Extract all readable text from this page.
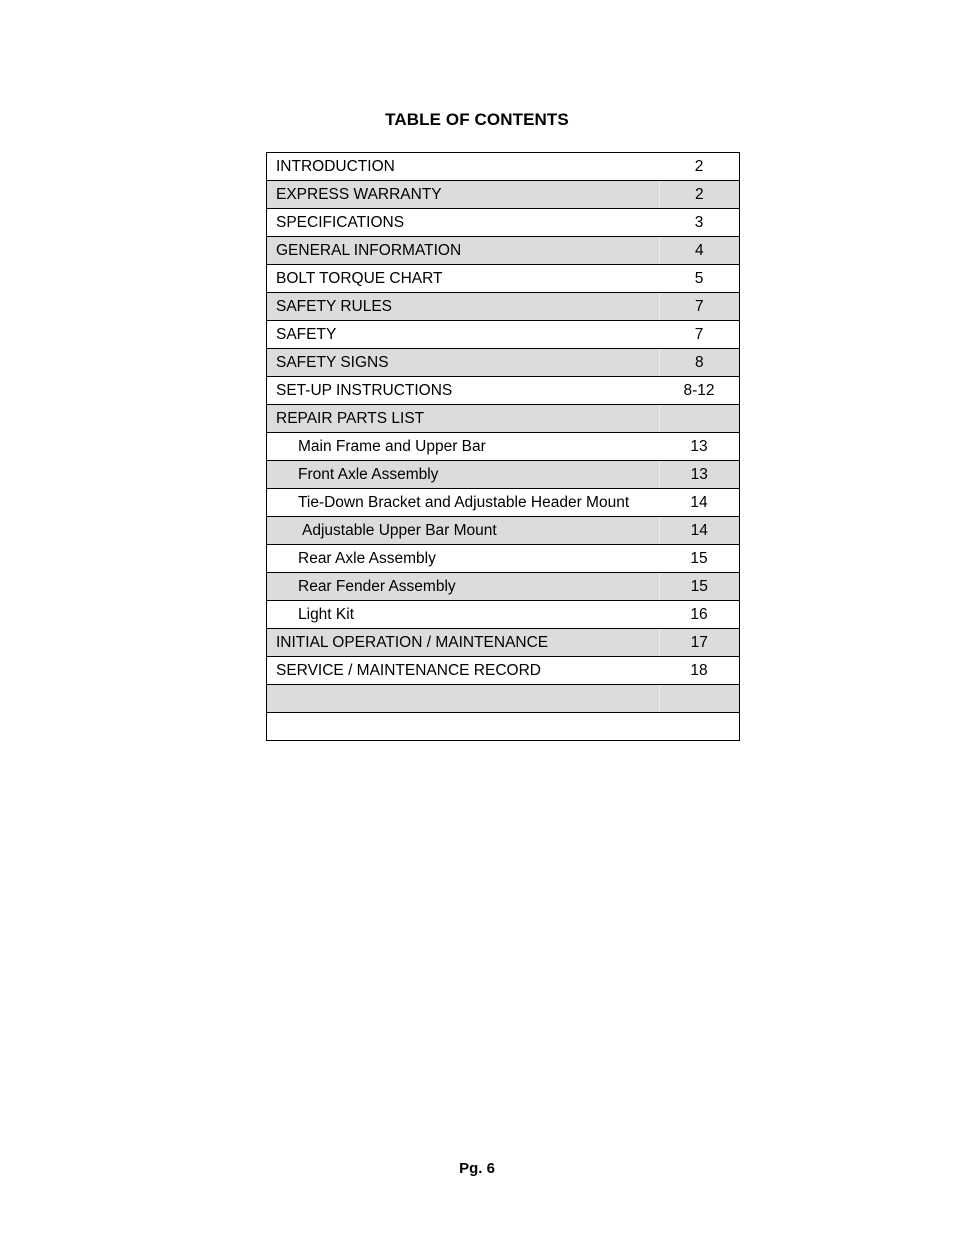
TABLE OF CONTENTS
INTRODUCTION	2
EXPRESS WARRANTY	2
SPECIFICATIONS	3
GENERAL INFORMATION	4
BOLT TORQUE CHART	5
SAFETY RULES	7
SAFETY	7
SAFETY SIGNS	8
SET-UP INSTRUCTIONS	8-12
REPAIR PARTS LIST	
Main Frame and Upper Bar	13
Front Axle Assembly	13
Tie-Down Bracket and Adjustable Header Mount	14
Adjustable Upper Bar Mount	14
Rear Axle Assembly	15
Rear Fender Assembly	15
Light Kit	16
INITIAL OPERATION / MAINTENANCE	17
SERVICE / MAINTENANCE RECORD	18

Pg. 6
